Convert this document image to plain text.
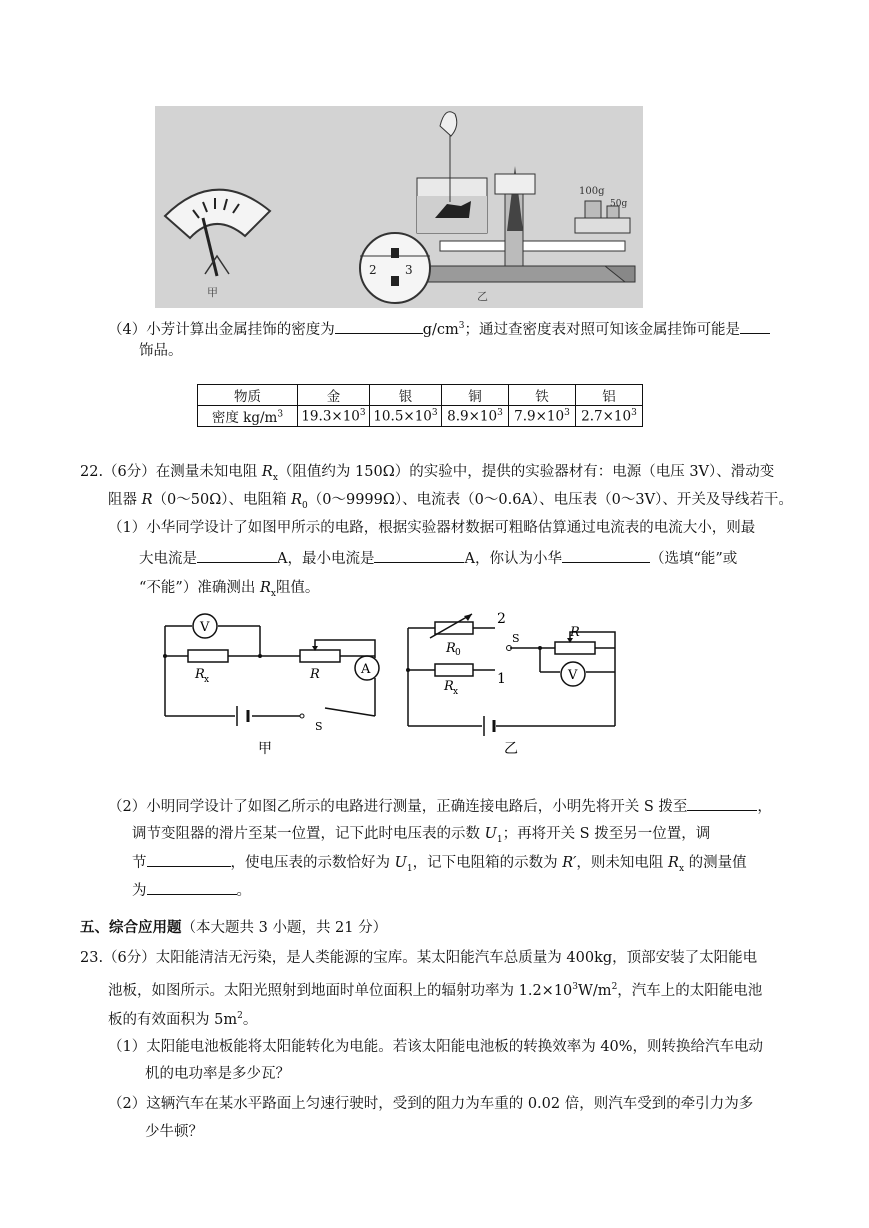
甲
100g
50g
2 3
乙
（4）小芳计算出金属挂饰的密度为	$g/cm^3$；通过查密度表对照可知该金属挂饰可能是
饰品。
物质	金	银	铜	铁	铝
密度 $kg/m^3$	$19.3\times 10^3$	$10.5\times 10^3$	$8.9\times 10^3$	$7.9\times 10^3$	$2.7\times 10^3$
22.（6分）在测量未知电阻 $R_x$（阻值约为 150Ω）的实验中，提供的实验器材有：电源（电压 3V）、滑动变
阻器 R（0～50Ω）、电阻箱 $R_0(0\sim 9999\Omega)$、电流表（0～0.6A）、电压表（0～3V）、开关及导线若干。
（1）小华同学设计了如图甲所示的电路，根据实验器材数据可粗略估算通过电流表的电流大小，则最
大电流是	A，最小电流是	A，你认为小华	（选填“能”或
“不能”）准确测出 $R_x$阻值。
V
A
R x	R
S
甲
2
1
S
R 0
R x
R
V
乙
（2）小明同学设计了如图乙所示的电路进行测量，正确连接电路后，小明先将开关 S 拨至	，
调节变阻器的滑片至某一位置，记下此时电压表的示数 $U_1$；再将开关 S 拨至另一位置，调
节	，使电压表的示数恰好为 $U_1$，记下电阻箱的示数为 R′，则未知电阻 $R_x$ 的测量值
为	。
五、综合应用题（本大题共 3 小题，共 21 分）
23.（6分）太阳能清洁无污染，是人类能源的宝库。某太阳能汽车总质量为 400kg，顶部安装了太阳能电
池板，如图所示。太阳光照射到地面时单位面积上的辐射功率为 $1.2\times 10^3W/m^2$，汽车上的太阳能电池
板的有效面积为 $5m^2$。
（1）太阳能电池板能将太阳能转化为电能。若该太阳能电池板的转换效率为 40%，则转换给汽车电动
机的电功率是多少瓦？
（2）这辆汽车在某水平路面上匀速行驶时，受到的阻力为车重的 0.02 倍，则汽车受到的牵引力为多
少牛顿？
